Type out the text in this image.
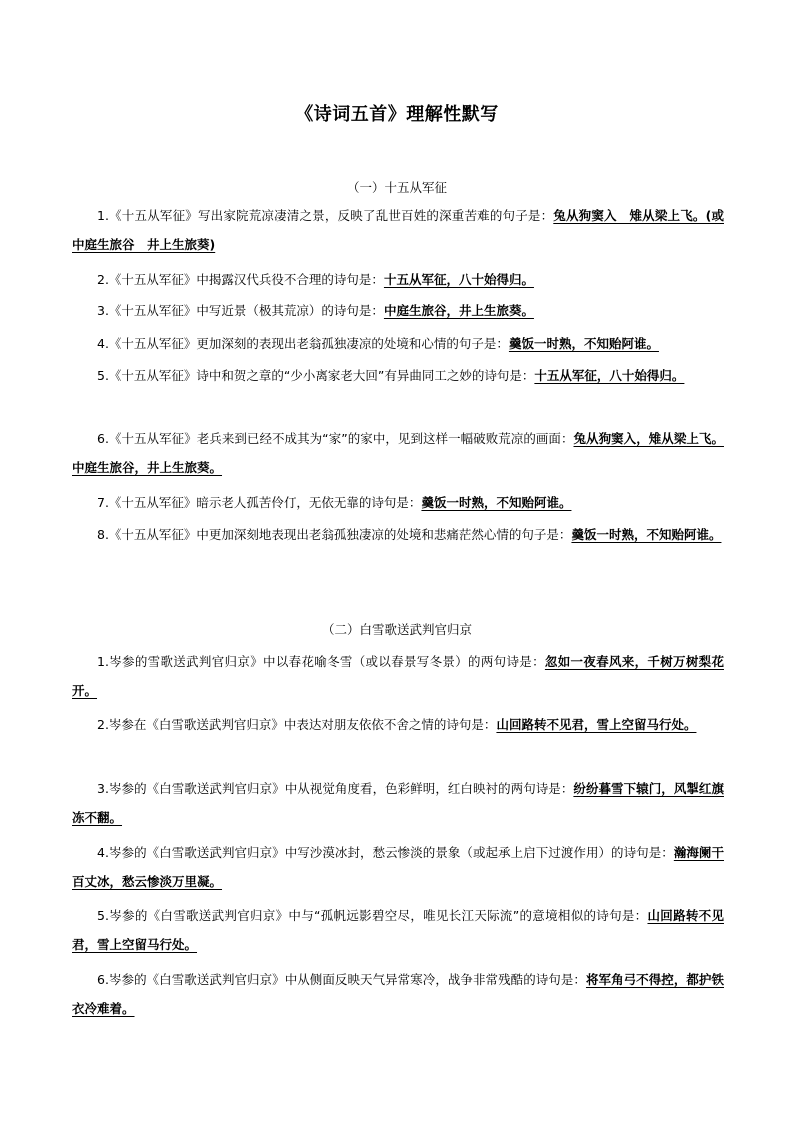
《诗词五首》理解性默写
（一）十五从军征
1.《十五从军征》写出家院荒凉凄清之景，反映了乱世百姓的深重苦难的句子是：兔从狗窦入　雉从梁上飞。(或中庭生旅谷　井上生旅葵)
2.《十五从军征》中揭露汉代兵役不合理的诗句是：十五从军征，八十始得归。
3.《十五从军征》中写近景（极其荒凉）的诗句是：中庭生旅谷，井上生旅葵。
4.《十五从军征》更加深刻的表现出老翁孤独凄凉的处境和心情的句子是：羹饭一时熟，不知贻阿谁。
5.《十五从军征》诗中和贺之章的“少小离家老大回”有异曲同工之妙的诗句是：十五从军征，八十始得归。
6.《十五从军征》老兵来到已经不成其为“家”的家中，见到这样一幅破败荒凉的画面：兔从狗窦入，雉从梁上飞。中庭生旅谷，井上生旅葵。
7.《十五从军征》暗示老人孤苦伶仃，无依无靠的诗句是：羹饭一时熟，不知贻阿谁。
8.《十五从军征》中更加深刻地表现出老翁孤独凄凉的处境和悲痛茫然心情的句子是：羹饭一时熟，不知贻阿谁。
（二）白雪歌送武判官归京
1.岑参的雪歌送武判官归京》中以春花喻冬雪（或以春景写冬景）的两句诗是：忽如一夜春风来，千树万树梨花开。
2.岑参在《白雪歌送武判官归京》中表达对朋友依依不舍之情的诗句是：山回路转不见君，雪上空留马行处。
3.岑参的《白雪歌送武判官归京》中从视觉角度看，色彩鲜明，红白映衬的两句诗是：纷纷暮雪下辕门，风掣红旗冻不翻。
4.岑参的《白雪歌送武判官归京》中写沙漠冰封，愁云惨淡的景象（或起承上启下过渡作用）的诗句是：瀚海阑干百丈冰，愁云惨淡万里凝。
5.岑参的《白雪歌送武判官归京》中与“孤帆远影碧空尽，唯见长江天际流”的意境相似的诗句是：山回路转不见君，雪上空留马行处。
6.岑参的《白雪歌送武判官归京》中从侧面反映天气异常寒冷，战争非常残酷的诗句是：将军角弓不得控，都护铁衣冷难着。
